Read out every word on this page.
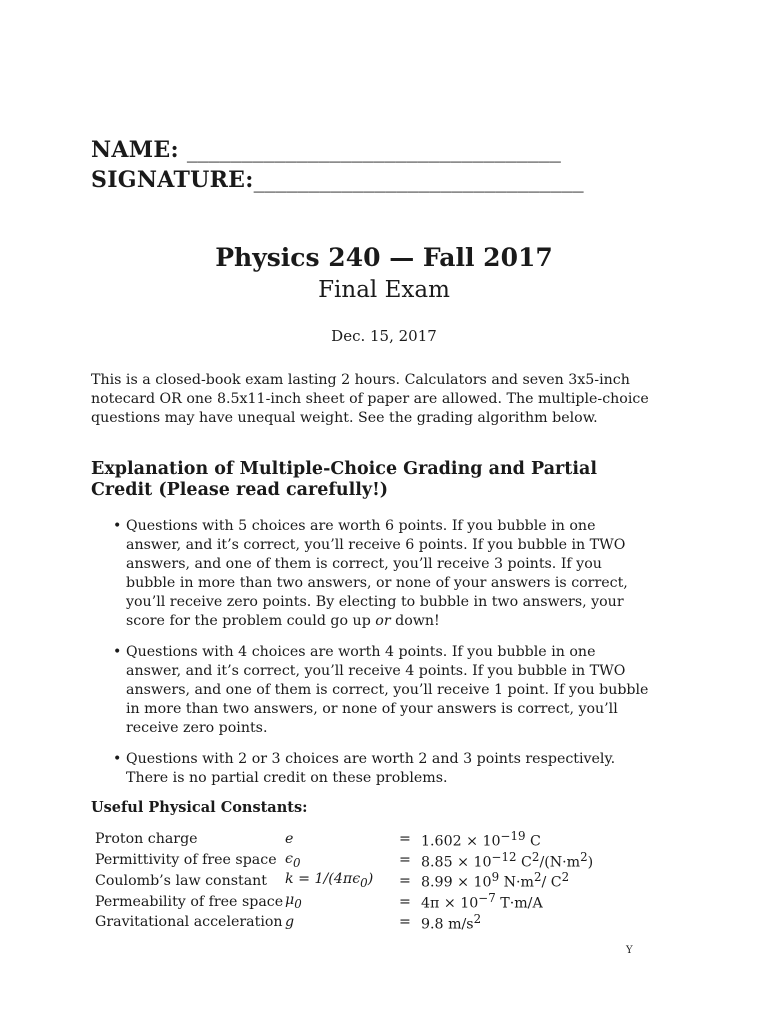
NAME: __________________________________
SIGNATURE:______________________________
Physics 240 — Fall 2017
Final Exam
Dec. 15, 2017
This is a closed-book exam lasting 2 hours. Calculators and seven 3x5-inch notecard OR one 8.5x11-inch sheet of paper are allowed. The multiple-choice questions may have unequal weight. See the grading algorithm below.
Explanation of Multiple-Choice Grading and Partial Credit (Please read carefully!)
• Questions with 5 choices are worth 6 points. If you bubble in one answer, and it’s correct, you’ll receive 6 points. If you bubble in TWO answers, and one of them is correct, you’ll receive 3 points. If you bubble in more than two answers, or none of your answers is correct, you’ll receive zero points. By electing to bubble in two answers, your score for the problem could go up or down!
• Questions with 4 choices are worth 4 points. If you bubble in one answer, and it’s correct, you’ll receive 4 points. If you bubble in TWO answers, and one of them is correct, you’ll receive 1 point. If you bubble in more than two answers, or none of your answers is correct, you’ll receive zero points.
• Questions with 2 or 3 choices are worth 2 and 3 points respectively. There is no partial credit on these problems.
Useful Physical Constants:
Proton charge	e	=	$1.602 \times 10^{-19}$ C
Permittivity of free space	$\epsilon_0$	=	$8.85 \times 10^{-12}$ $C^2/(N\cdot m^2)$
Coulomb’s law constant	$k = 1/(4\pi\epsilon_0)$	=	$8.99 \times 10^9$ $N\cdot m^2/$ $C^2$
Permeability of free space	$\mu_0$	=	$4\pi \times 10^{-7}$ T·m/A
Gravitational acceleration	g	=	9.8 $m/s^2$
Y
